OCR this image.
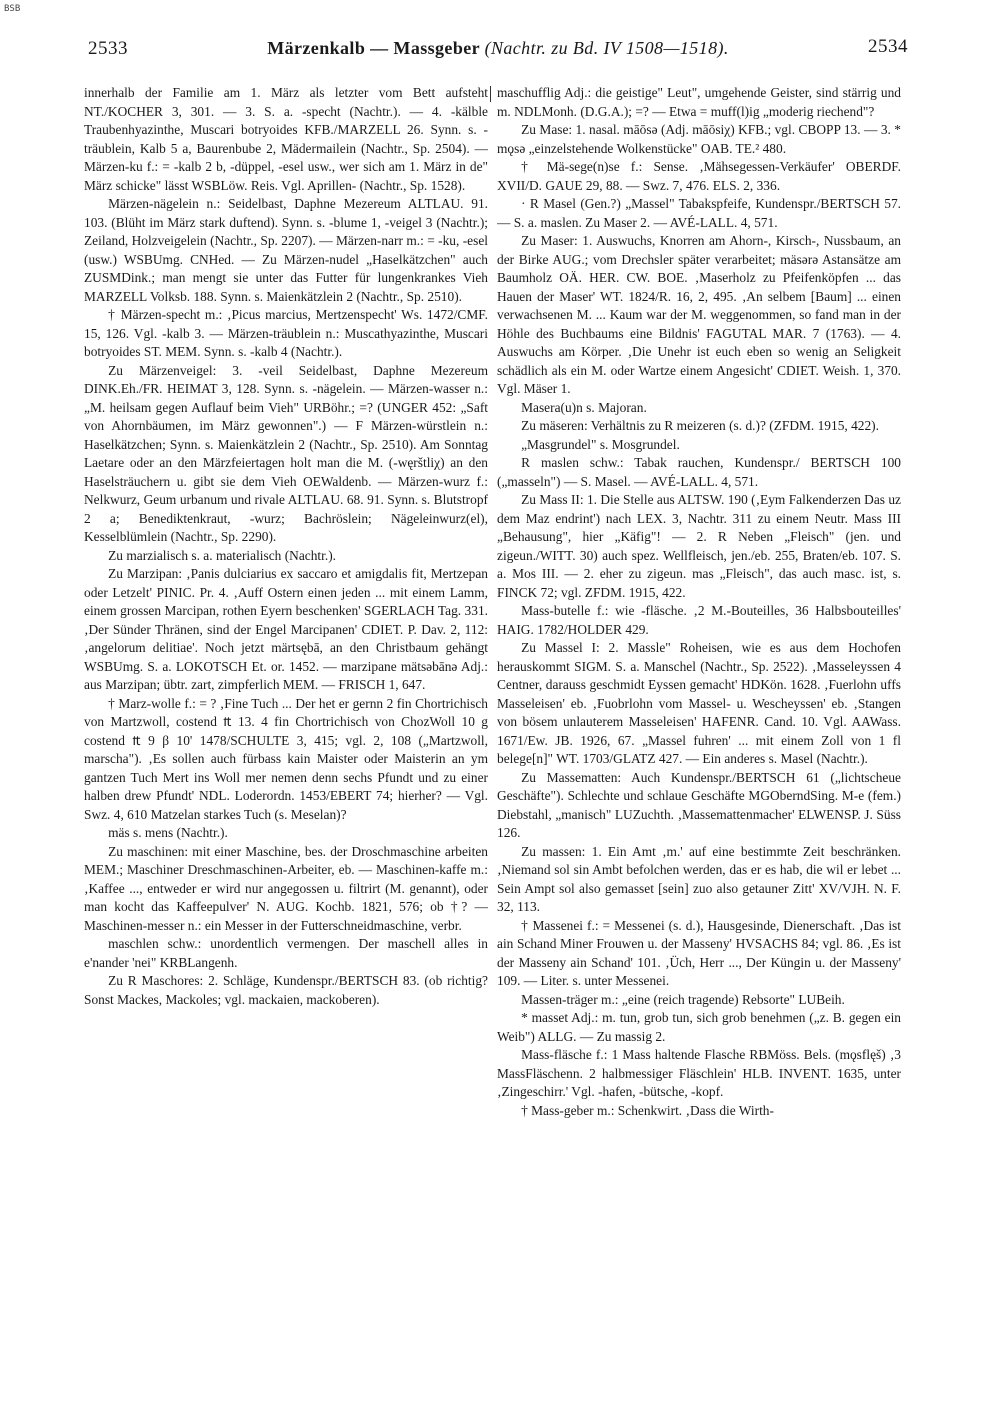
BSB
2533	Märzenkalb — Massgeber (Nachtr. zu Bd. IV 1508—1518).	2534

innerhalb der Familie am 1. März als letzter vom Bett aufsteht NT./KOCHER 3, 301. — 3. S. a. -specht (Nachtr.). — 4. -kälble Traubenhyazinthe, Muscari botryoides KFB./MARZELL 26. Synn. s. -träublein, Kalb 5 a, Baurenbube 2, Mädermailein (Nachtr., Sp. 2504). — Märzen-ku f.: = -kalb 2 b, -düppel, -esel usw., wer sich am 1. März in de" März schicke" lässt WSBLöw. Reis. Vgl. Aprillen- (Nachtr., Sp. 1528).

Märzen-nägelein n.: Seidelbast, Daphne Mezereum ALTLAU. 91. 103. (Blüht im März stark duftend). Synn. s. -blume 1, -veigel 3 (Nachtr.); Zeiland, Holzveigelein (Nachtr., Sp. 2207). — Märzen-narr m.: = -ku, -esel (usw.) WSBUmg. CNHed. — Zu Märzen-nudel „Haselkätzchen" auch ZUSMDink.; man mengt sie unter das Futter für lungenkrankes Vieh MARZELL Volksb. 188. Synn. s. Maienkätzlein 2 (Nachtr., Sp. 2510).

† Märzen-specht m.: ‚Picus marcius, Mertzenspecht' Ws. 1472/CMF. 15, 126. Vgl. -kalb 3. — Märzen-träublein n.: Muscathyazinthe, Muscari botryoides ST. MEM. Synn. s. -kalb 4 (Nachtr.).

Zu Märzenveigel: 3. -veil Seidelbast, Daphne Mezereum DINK.Eh./FR. HEIMAT 3, 128. Synn. s. -nägelein. — Märzen-wasser n.: „M. heilsam gegen Auflauf beim Vieh" URBöhr.; =? (UNGER 452: „Saft von Ahornbäumen, im März gewonnen".) — F Märzen-würstlein n.: Haselkätzchen; Synn. s. Maienkätzlein 2 (Nachtr., Sp. 2510). Am Sonntag Laetare oder an den Märzfeiertagen holt man die M. (-węrštliχ) an den Haselsträuchern u. gibt sie dem Vieh OEWaldenb. — Märzen-wurz f.: Nelkwurz, Geum urbanum und rivale ALTLAU. 68. 91. Synn. s. Blutstropf 2 a; Benediktenkraut, -wurz; Bachröslein; Nägeleinwurz(el), Kesselblümlein (Nachtr., Sp. 2290).

Zu marzialisch s. a. materialisch (Nachtr.).

Zu Marzipan: ‚Panis dulciarius ex saccaro et amigdalis fit, Mertzepan oder Letzelt' PINIC. Pr. 4. ‚Auff Ostern einen jeden ... mit einem Lamm, einem grossen Marcipan, rothen Eyern beschenken' SGERLACH Tag. 331. ‚Der Sünder Thränen, sind der Engel Marcipanen' CDIET. P. Dav. 2, 112: ‚angelorum delitiae'. Noch jetzt märtsębā, an den Christbaum gehängt WSBUmg. S. a. LOKOTSCH Et. or. 1452. — marzipane mätsəbānə Adj.: aus Marzipan; übtr. zart, zimpferlich MEM. — FRISCH 1, 647.

† Marz-wolle f.: = ? ‚Fine Tuch ... Der het er gernn 2 fin Chortrichisch von Martzwoll, costend ₶ 13. 4 fin Chortrichisch von ChozWoll 10 g costend ₶ 9 β 10' 1478/SCHULTE 3, 415; vgl. 2, 108 („Martzwoll, marscha"). ‚Es sollen auch fürbass kain Maister oder Maisterin an ym gantzen Tuch Mert ins Woll mer nemen denn sechs Pfundt und zu einer halben drew Pfundt' NDL. Loderordn. 1453/EBERT 74; hierher? — Vgl. Swz. 4, 610 Matzelan starkes Tuch (s. Meselan)?

mäs s. mens (Nachtr.).

Zu maschinen: mit einer Maschine, bes. der Droschmaschine arbeiten MEM.; Maschiner Dreschmaschinen-Arbeiter, eb. — Maschinen-kaffe m.: ‚Kaffee ..., entweder er wird nur angegossen u. filtrirt (M. genannt), oder man kocht das Kaffeepulver' N. AUG. Kochb. 1821, 576; ob †? — Maschinen-messer n.: ein Messer in der Futterschneidmaschine, verbr.

maschlen schw.: unordentlich vermengen. Der maschell alles in e'nander 'nei" KRBLangenh.

Zu R Maschores: 2. Schläge, Kundenspr./BERTSCH 83. (ob richtig? Sonst Mackes, Mackoles; vgl. mackaien, mackoberen).

maschufflig Adj.: die geistige" Leut", umgehende Geister, sind stärrig und m. NDLMonh. (D.G.A.); =? — Etwa = muff(l)ig „moderig riechend"?

Zu Mase: 1. nasal. māōsə (Adj. māōsiχ) KFB.; vgl. CBOPP 13. — 3. * mǫsə „einzelstehende Wolkenstücke" OAB. TE.² 480.

† Mä-sege(n)se f.: Sense. ‚Mähsegessen-Verkäufer' OBERDF. XVII/D. GAUE 29, 88. — Swz. 7, 476. ELS. 2, 336.

· R Masel (Gen.?) „Massel" Tabakspfeife, Kundenspr./BERTSCH 57. — S. a. maslen. Zu Maser 2. — AVÉ-LALL. 4, 571.

Zu Maser: 1. Auswuchs, Knorren am Ahorn-, Kirsch-, Nussbaum, an der Birke AUG.; vom Drechsler später verarbeitet; mäsərə Astansätze am Baumholz OÄ. HER. CW. BOE. ‚Maserholz zu Pfeifenköpfen ... das Hauen der Maser' WT. 1824/R. 16, 2, 495. ‚An selbem [Baum] ... einen verwachsenen M. ... Kaum war der M. weggenommen, so fand man in der Höhle des Buchbaums eine Bildnis' FAGUTAL MAR. 7 (1763). — 4. Auswuchs am Körper. ‚Die Unehr ist euch eben so wenig an Seligkeit schädlich als ein M. oder Wartze einem Angesicht' CDIET. Weish. 1, 370. Vgl. Mäser 1.

Masera(u)n s. Majoran.

Zu mäseren: Verhältnis zu R meizeren (s. d.)? (ZFDM. 1915, 422).

„Masgrundel" s. Mosgrundel.

R maslen schw.: Tabak rauchen, Kundenspr./ BERTSCH 100 („masseln") — S. Masel. — AVÉ-LALL. 4, 571.

Zu Mass II: 1. Die Stelle aus ALTSW. 190 (‚Eym Falkenderzen Das uz dem Maz endrint') nach LEX. 3, Nachtr. 311 zu einem Neutr. Mass III „Behausung", hier „Käfig"! — 2. R Neben „Fleisch" (jen. und zigeun./WITT. 30) auch spez. Wellfleisch, jen./eb. 255, Braten/eb. 107. S. a. Mos III. — 2. eher zu zigeun. mas „Fleisch", das auch masc. ist, s. FINCK 72; vgl. ZFDM. 1915, 422.

Mass-butelle f.: wie -fläsche. ‚2 M.-Bouteilles, 36 Halbsbouteilles' HAIG. 1782/HOLDER 429.

Zu Massel I: 2. Massle" Roheisen, wie es aus dem Hochofen herauskommt SIGM. S. a. Manschel (Nachtr., Sp. 2522). ‚Masseleyssen 4 Centner, darauss geschmidt Eyssen gemacht' HDKön. 1628. ‚Fuerlohn uffs Masseleisen' eb. ‚Fuobrlohn vom Massel- u. Wescheyssen' eb. ‚Stangen von bösem unlauterem Masseleisen' HAFENR. Cand. 10. Vgl. AAWass. 1671/Ew. JB. 1926, 67. „Massel fuhren' ... mit einem Zoll von 1 fl belege[n]" WT. 1703/GLATZ 427. — Ein anderes s. Masel (Nachtr.).

Zu Massematten: Auch Kundenspr./BERTSCH 61 („lichtscheue Geschäfte"). Schlechte und schlaue Geschäfte MGOberndSing. M-e (fem.) Diebstahl, „manisch" LUZuchth. ‚Massemattenmacher' ELWENSP. J. Süss 126.

Zu massen: 1. Ein Amt ‚m.' auf eine bestimmte Zeit beschränken. ‚Niemand sol sin Ambt befolchen werden, das er es hab, die wil er lebet ... Sein Ampt sol also gemasset [sein] zuo also getauner Zitt' XV/VJH. N. F. 32, 113.

† Massenei f.: = Messenei (s. d.), Hausgesinde, Dienerschaft. ‚Das ist ain Schand Miner Frouwen u. der Masseny' HVSACHS 84; vgl. 86. ‚Es ist der Masseny ain Schand' 101. ‚Üch, Herr ..., Der Küngin u. der Masseny' 109. — Liter. s. unter Messenei.

Massen-träger m.: „eine (reich tragende) Rebsorte" LUBeih.

* masset Adj.: m. tun, grob tun, sich grob benehmen („z. B. gegen ein Weib") ALLG. — Zu massig 2.

Mass-fläsche f.: 1 Mass haltende Flasche RBMöss. Bels. (mǫsflęš) ‚3 MassFläschenn. 2 halbmessiger Fläschlein' HLB. INVENT. 1635, unter ‚Zingeschirr.' Vgl. -hafen, -bütsche, -kopf.

† Mass-geber m.: Schenkwirt. ‚Dass die Wirth-
